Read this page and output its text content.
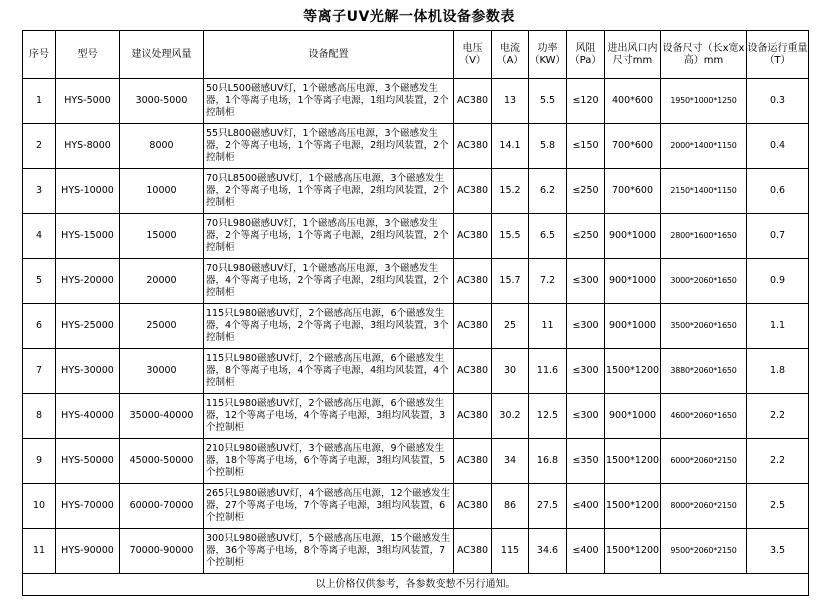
等离子UV光解一体机设备参数表
序号	型号	建议处理风量	设备配置	电压（V）	电流（A）	功率（KW）	风阻（Pa）	进出风口内尺寸mm	设备尺寸（长x宽x高）mm	设备运行重量（T）
1	HYS-5000	3000-5000	50只L500磁感UV灯，1个磁感高压电源，3个磁感发生器，1个等离子电场，1个等离子电源，1组均风装置，2个控制柜	AC380	13	5.5	≤120	400*600	1950*1000*1250	0.3
2	HYS-8000	8000	55只L800磁感UV灯，1个磁感高压电源，3个磁感发生器，2个等离子电场，1个等离子电源，2组均风装置，2个控制柜	AC380	14.1	5.8	≤150	700*600	2000*1400*1150	0.4
3	HYS-10000	10000	70只L8500磁感UV灯，1个磁感高压电源，3个磁感发生器，2个等离子电场，1个等离子电源，2组均风装置，2个控制柜	AC380	15.2	6.2	≤250	700*600	2150*1400*1150	0.6
4	HYS-15000	15000	70只L980磁感UV灯，1个磁感高压电源，3个磁感发生器，2个等离子电场，1个等离子电源，2组均风装置，2个控制柜	AC380	15.5	6.5	≤250	900*1000	2800*1600*1650	0.7
5	HYS-20000	20000	70只L980磁感UV灯，1个磁感高压电源，3个磁感发生器，4个等离子电场，2个等离子电源，2组均风装置，2个控制柜	AC380	15.7	7.2	≤300	900*1000	3000*2060*1650	0.9
6	HYS-25000	25000	115只L980磁感UV灯，2个磁感高压电源，6个磁感发生器，4个等离子电场，2个等离子电源，3组均风装置，3个控制柜	AC380	25	11	≤300	900*1000	3500*2060*1650	1.1
7	HYS-30000	30000	115只L980磁感UV灯，2个磁感高压电源，6个磁感发生器，8个等离子电场，4个等离子电源，4组均风装置，4个控制柜	AC380	30	11.6	≤300	1500*1200	3880*2060*1650	1.8
8	HYS-40000	35000-40000	115只L980磁感UV灯，2个磁感高压电源，6个磁感发生器，12个等离子电场，4个等离子电源，3组均风装置，3个控制柜	AC380	30.2	12.5	≤300	900*1000	4600*2060*1650	2.2
9	HYS-50000	45000-50000	210只L980磁感UV灯，3个磁感高压电源，9个磁感发生器，18个等离子电场，6个等离子电源，3组均风装置，5个控制柜	AC380	34	16.8	≤350	1500*1200	6000*2060*2150	2.2
10	HYS-70000	60000-70000	265只L980磁感UV灯，4个磁感高压电源，12个磁感发生器，27个等离子电场，7个等离子电源，3组均风装置，6个控制柜	AC380	86	27.5	≤400	1500*1200	8000*2060*2150	2.5
11	HYS-90000	70000-90000	300只L980磁感UV灯，5个磁感高压电源，15个磁感发生器，36个等离子电场，8个等离子电源，3组均风装置，7个控制柜	AC380	115	34.6	≤400	1500*1200	9500*2060*2150	3.5
以上价格仅供参考，各参数变愸不另行通知。										
